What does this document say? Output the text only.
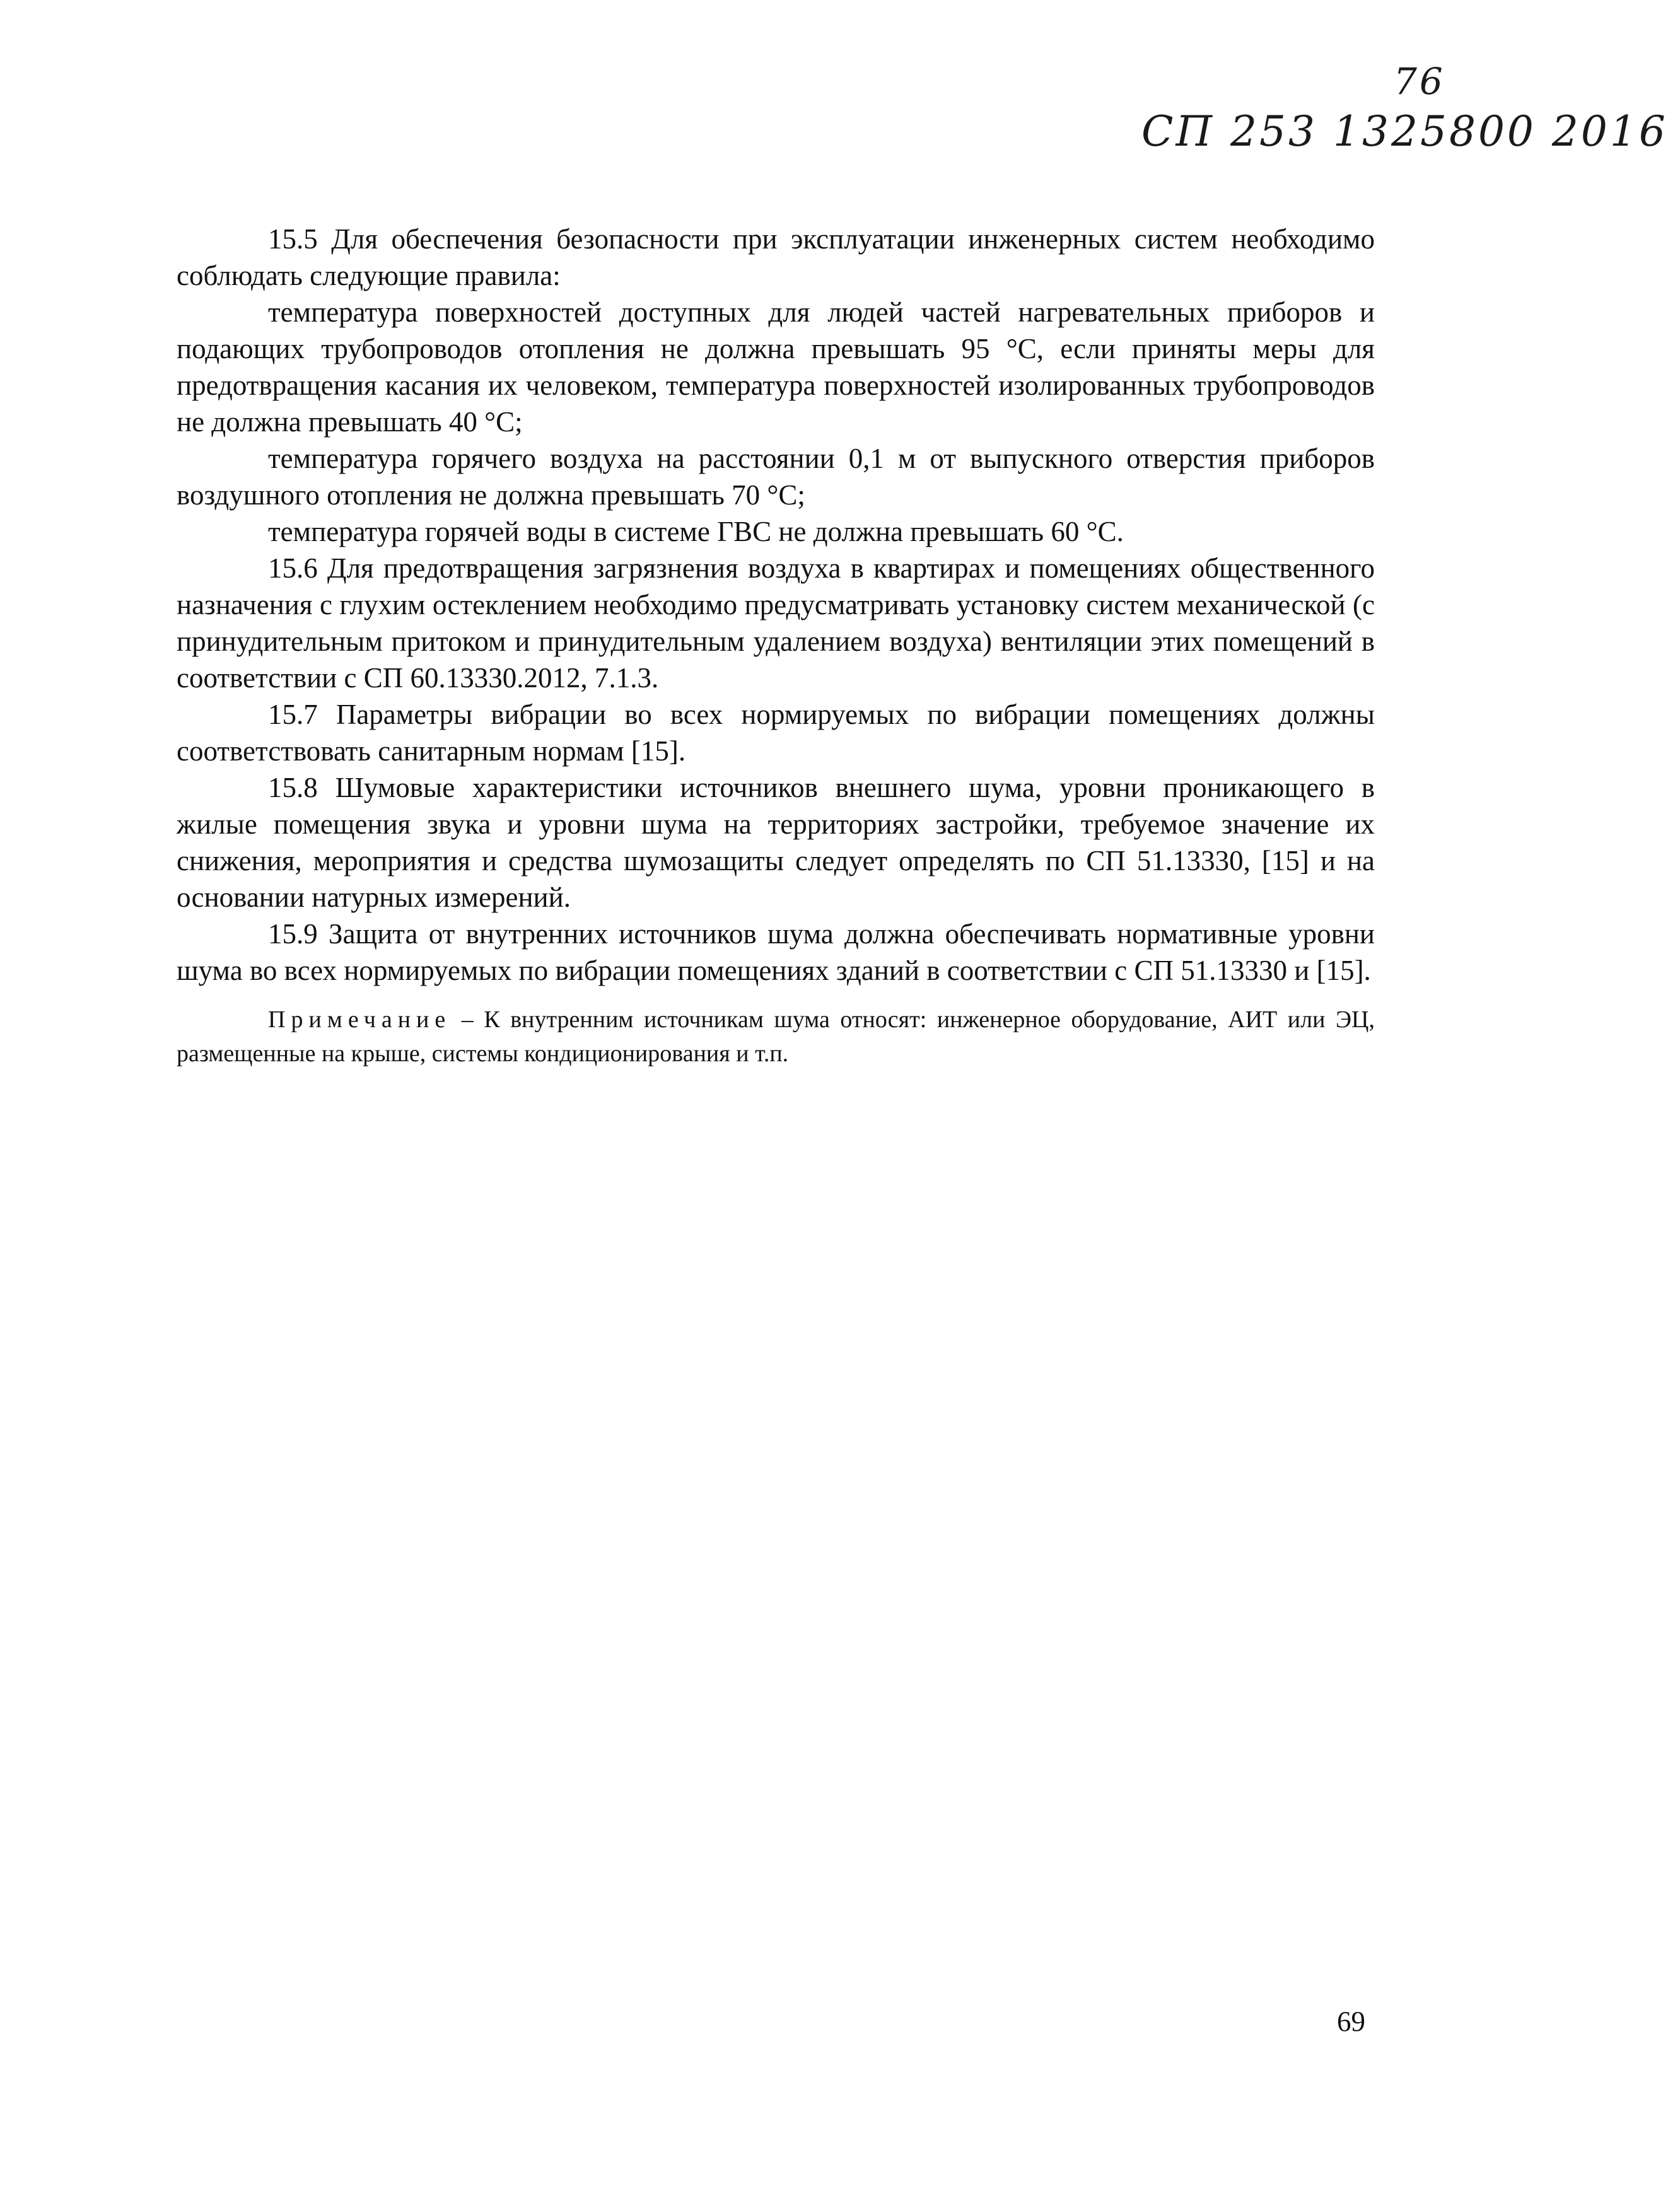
76
СП 253 1325800 2016

15.5 Для обеспечения безопасности при эксплуатации инженерных систем необходимо соблюдать следующие правила:

температура поверхностей доступных для людей частей нагревательных приборов и подающих трубопроводов отопления не должна превышать 95 °С, если приняты меры для предотвращения касания их человеком, температура поверхностей изолированных трубопроводов не должна превышать 40 °С;

температура горячего воздуха на расстоянии 0,1 м от выпускного отверстия приборов воздушного отопления не должна превышать 70 °С;

температура горячей воды в системе ГВС не должна превышать 60 °С.

15.6 Для предотвращения загрязнения воздуха в квартирах и помещениях общественного назначения с глухим остеклением необходимо предусматривать установку систем механической (с принудительным притоком и принудительным удалением воздуха) вентиляции этих помещений в соответствии с СП 60.13330.2012, 7.1.3.

15.7 Параметры вибрации во всех нормируемых по вибрации помещениях должны соответствовать санитарным нормам [15].

15.8 Шумовые характеристики источников внешнего шума, уровни проникающего в жилые помещения звука и уровни шума на территориях застройки, требуемое значение их снижения, мероприятия и средства шумозащиты следует определять по СП 51.13330, [15] и на основании натурных измерений.

15.9 Защита от внутренних источников шума должна обеспечивать нормативные уровни шума во всех нормируемых по вибрации помещениях зданий в соответствии с СП 51.13330 и [15].

Примечание – К внутренним источникам шума относят: инженерное оборудование, АИТ или ЭЦ, размещенные на крыше, системы кондиционирования и т.п.

69
